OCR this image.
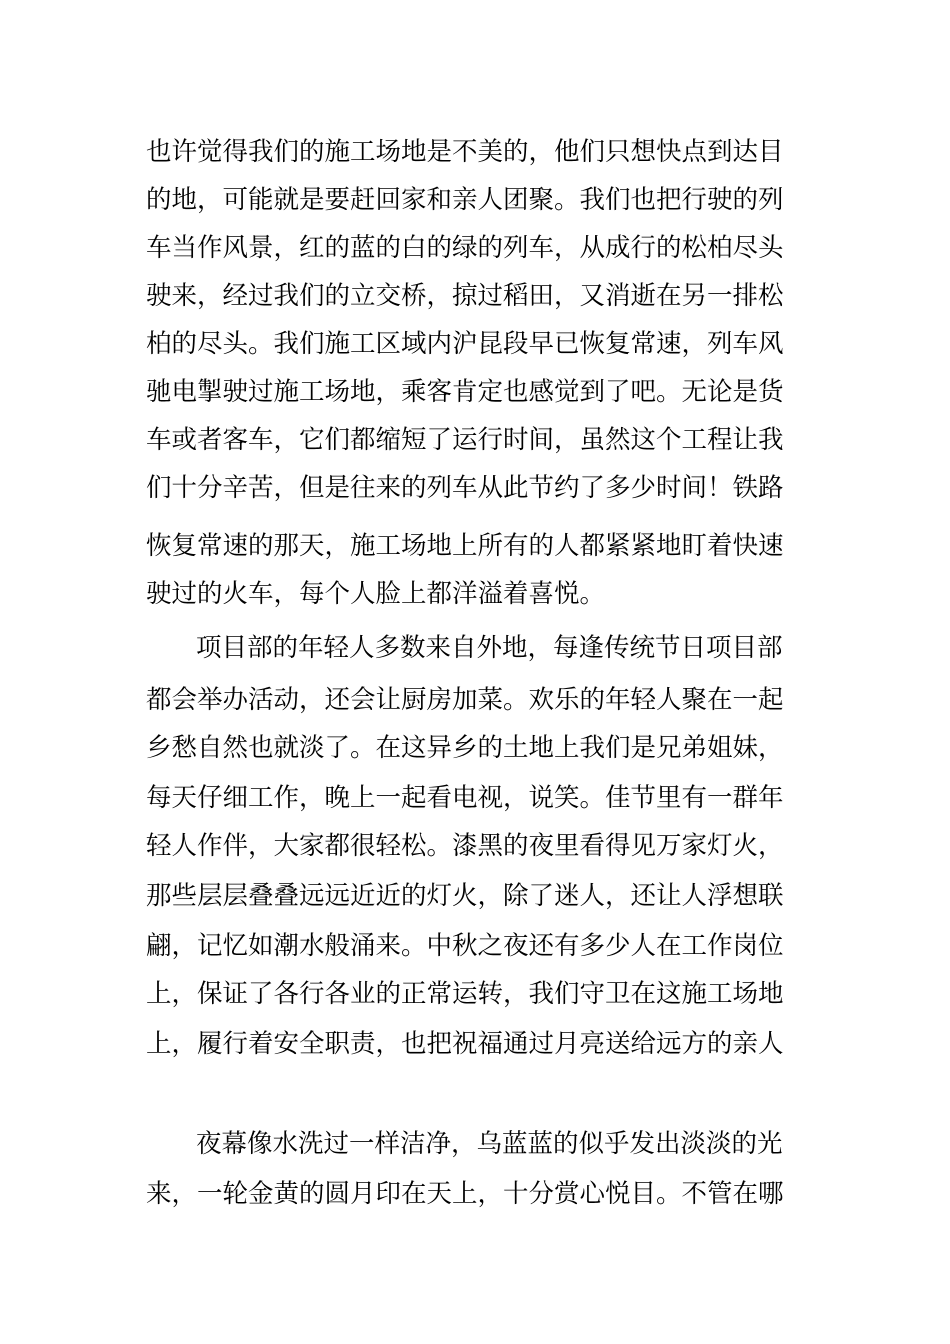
也许觉得我们的施工场地是不美的，他们只想快点到达目
的地，可能就是要赶回家和亲人团聚。我们也把行驶的列
车当作风景，红的蓝的白的绿的列车，从成行的松柏尽头
驶来，经过我们的立交桥，掠过稻田，又消逝在另一排松
柏的尽头。我们施工区域内沪昆段早已恢复常速，列车风
驰电掣驶过施工场地，乘客肯定也感觉到了吧。无论是货
车或者客车，它们都缩短了运行时间，虽然这个工程让我
们十分辛苦，但是往来的列车从此节约了多少时间！铁路
恢复常速的那天，施工场地上所有的人都紧紧地盯着快速
驶过的火车，每个人脸上都洋溢着喜悦。
项目部的年轻人多数来自外地，每逢传统节日项目部
都会举办活动，还会让厨房加菜。欢乐的年轻人聚在一起
乡愁自然也就淡了。在这异乡的土地上我们是兄弟姐妹，
每天仔细工作，晚上一起看电视，说笑。佳节里有一群年
轻人作伴，大家都很轻松。漆黑的夜里看得见万家灯火，
那些层层叠叠远远近近的灯火，除了迷人，还让人浮想联
翩，记忆如潮水般涌来。中秋之夜还有多少人在工作岗位
上，保证了各行各业的正常运转，我们守卫在这施工场地
上，履行着安全职责，也把祝福通过月亮送给远方的亲人
夜幕像水洗过一样洁净，乌蓝蓝的似乎发出淡淡的光
来，一轮金黄的圆月印在天上，十分赏心悦目。不管在哪
